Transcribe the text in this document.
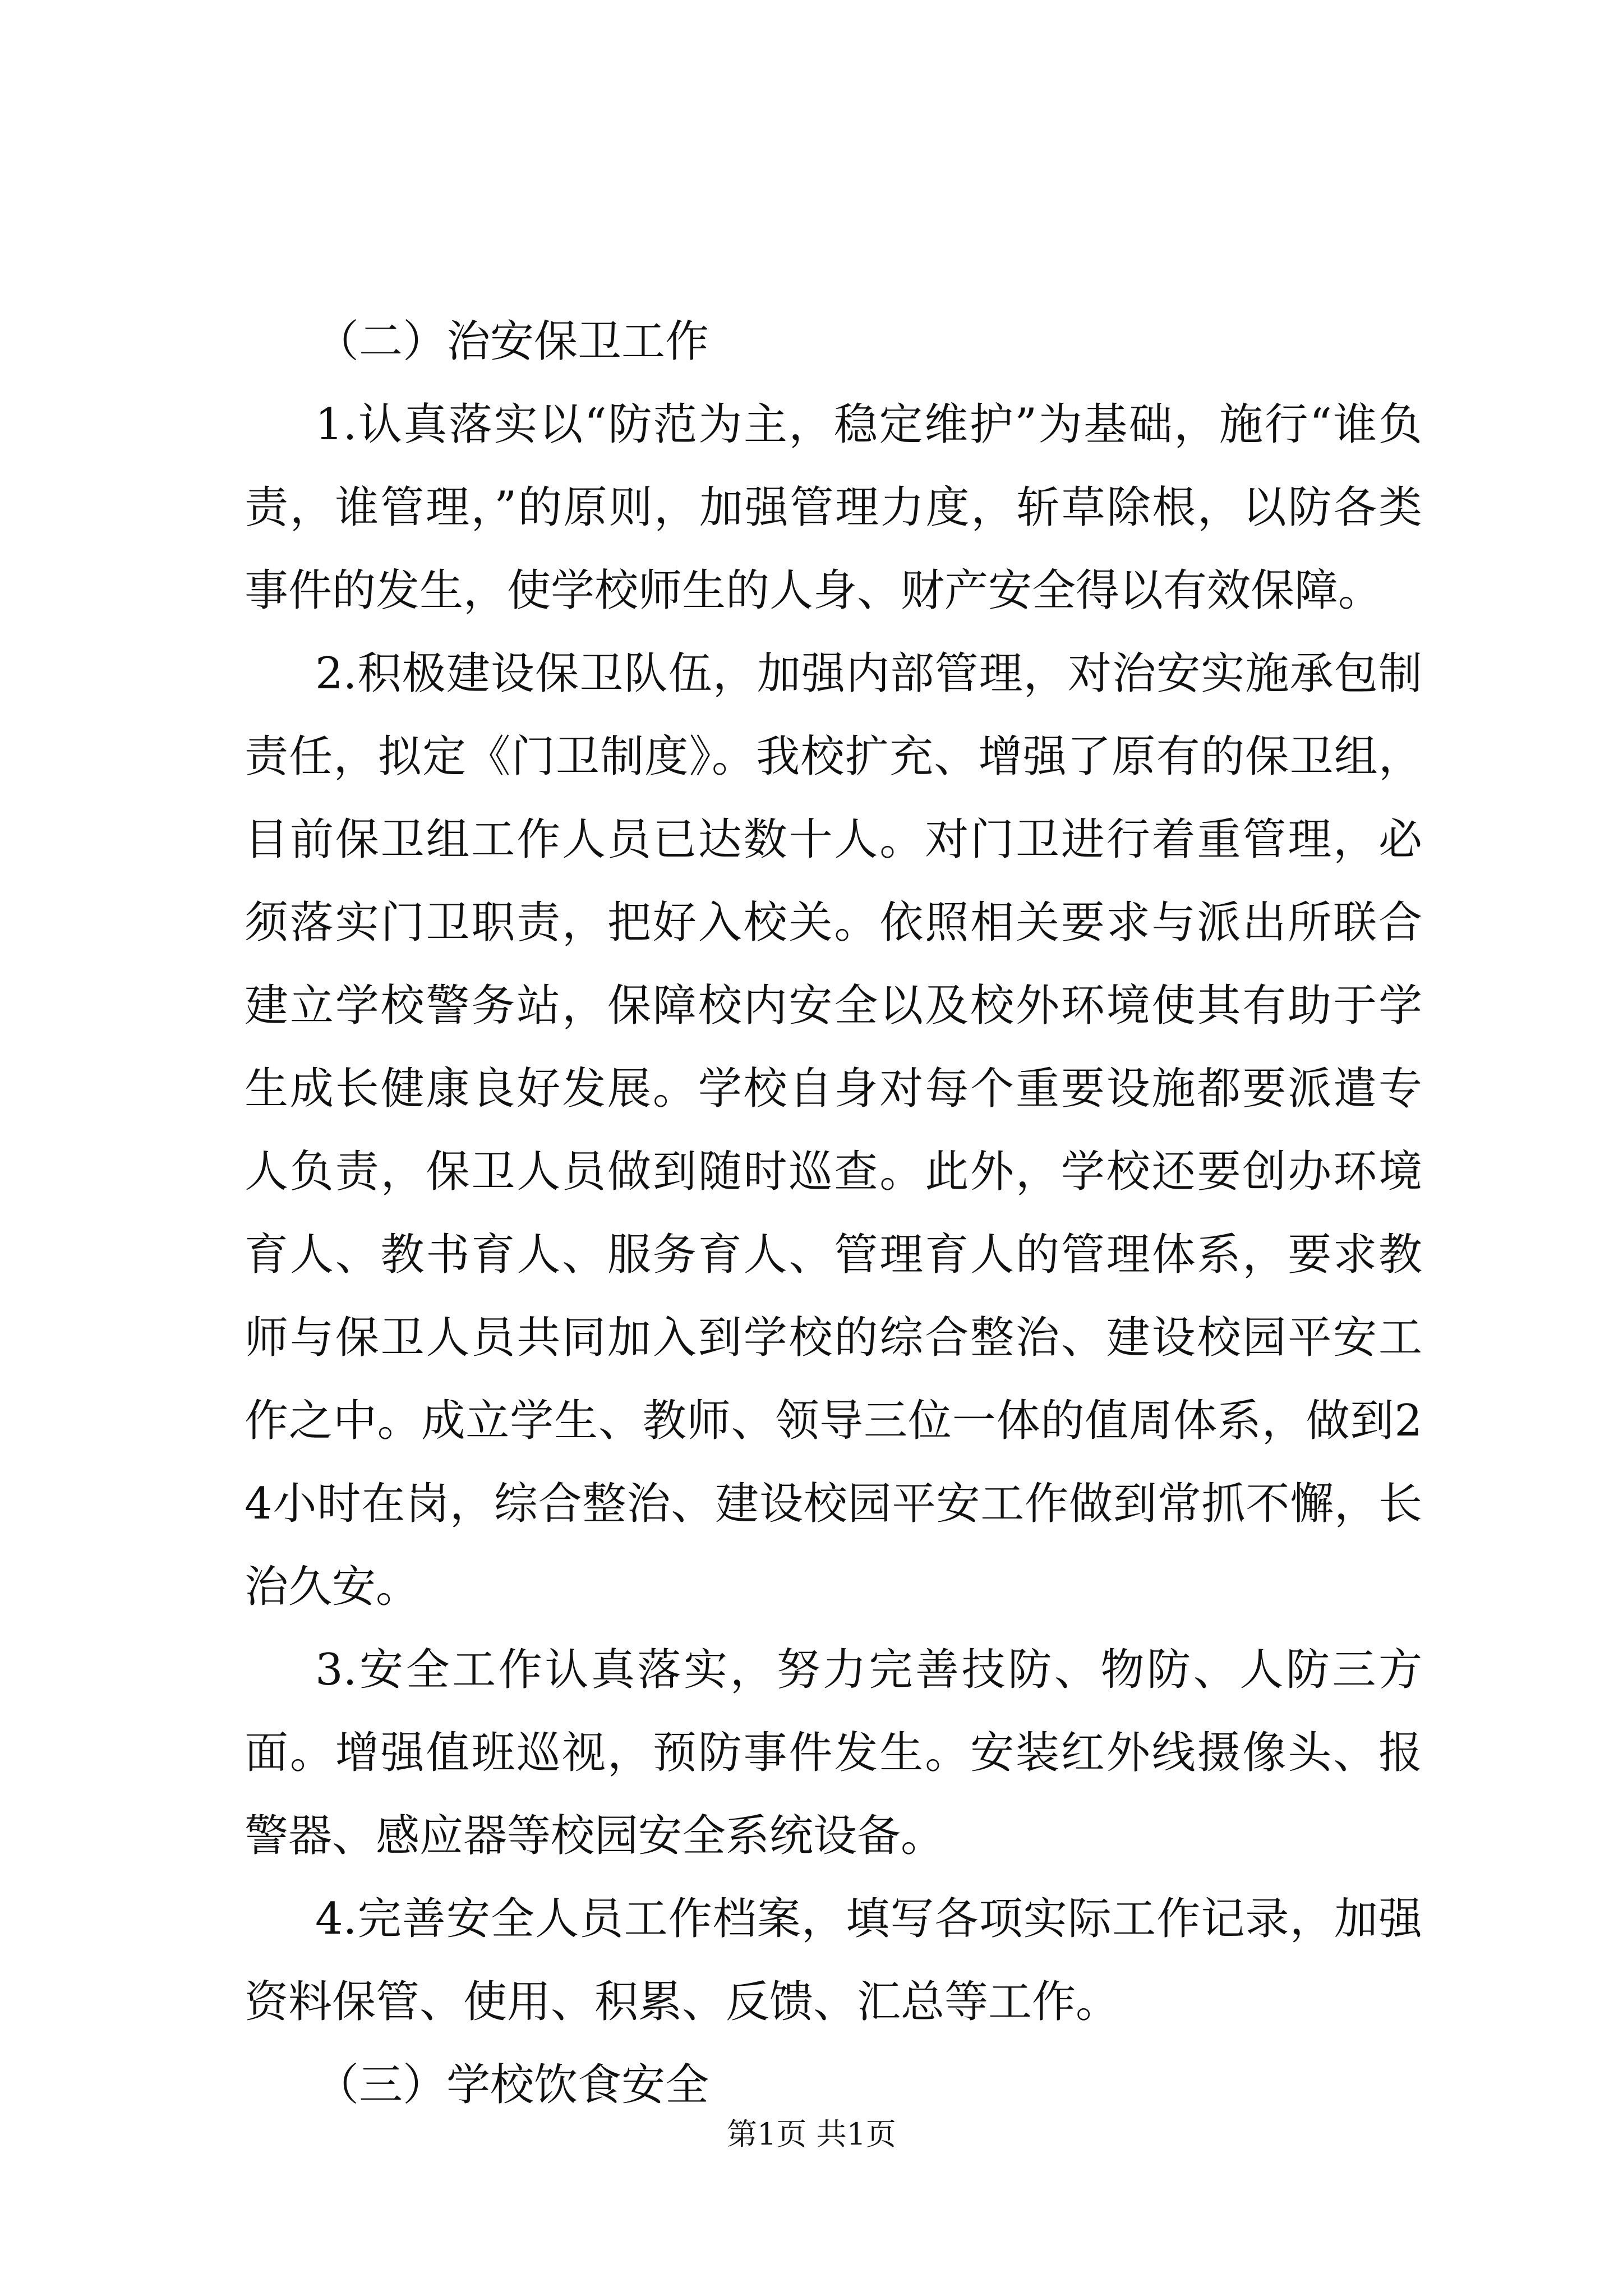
（二）治安保卫工作

1.认真落实以“防范为主，稳定维护”为基础，施行“谁负责，谁管理，”的原则，加强管理力度，斩草除根，以防各类事件的发生，使学校师生的人身、财产安全得以有效保障。

2.积极建设保卫队伍，加强内部管理，对治安实施承包制责任，拟定《门卫制度》。我校扩充、增强了原有的保卫组，目前保卫组工作人员已达数十人。对门卫进行着重管理，必须落实门卫职责，把好入校关。依照相关要求与派出所联合建立学校警务站，保障校内安全以及校外环境使其有助于学生成长健康良好发展。学校自身对每个重要设施都要派遣专人负责，保卫人员做到随时巡查。此外，学校还要创办环境育人、教书育人、服务育人、管理育人的管理体系，要求教师与保卫人员共同加入到学校的综合整治、建设校园平安工作之中。成立学生、教师、领导三位一体的值周体系，做到24小时在岗，综合整治、建设校园平安工作做到常抓不懈，长治久安。

3.安全工作认真落实，努力完善技防、物防、人防三方面。增强值班巡视，预防事件发生。安装红外线摄像头、报警器、感应器等校园安全系统设备。

4.完善安全人员工作档案，填写各项实际工作记录，加强资料保管、使用、积累、反馈、汇总等工作。

（三）学校饮食安全

第1页 共1页
